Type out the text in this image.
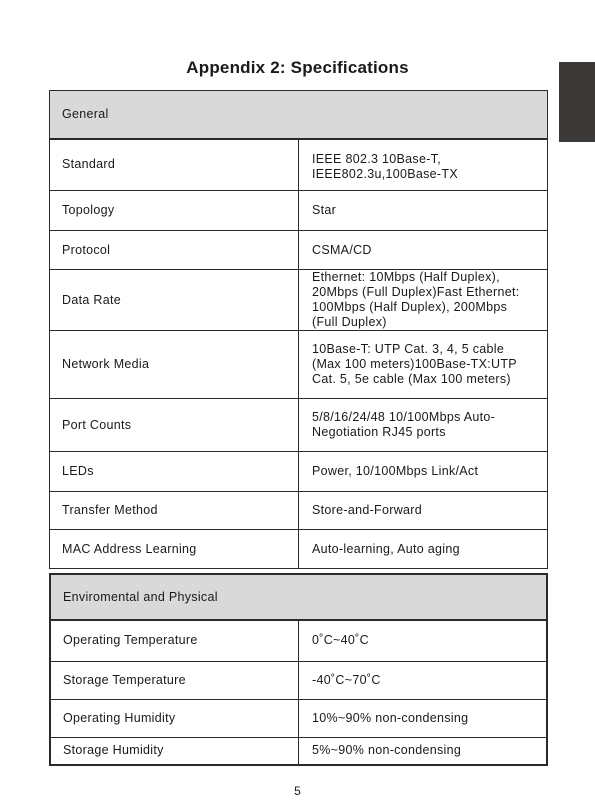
Appendix 2: Specifications
General	
Standard	IEEE 802.3 10Base-T, IEEE802.3u,100Base-TX
Topology	Star
Protocol	CSMA/CD
Data Rate	Ethernet: 10Mbps (Half Duplex), 20Mbps (Full Duplex)Fast Ethernet: 100Mbps (Half Duplex), 200Mbps (Full Duplex)
Network Media	10Base-T: UTP Cat. 3, 4, 5 cable (Max 100 meters)100Base-TX:UTP Cat. 5, 5e cable (Max 100 meters)
Port Counts	5/8/16/24/48 10/100Mbps Auto-Negotiation RJ45 ports
LEDs	Power, 10/100Mbps Link/Act
Transfer Method	Store-and-Forward
MAC Address Learning	Auto-learning, Auto aging
Enviromental and Physical	
Operating Temperature	0˚C~40˚C
Storage Temperature	-40˚C~70˚C
Operating Humidity	10%~90% non-condensing
Storage Humidity	5%~90% non-condensing
5
